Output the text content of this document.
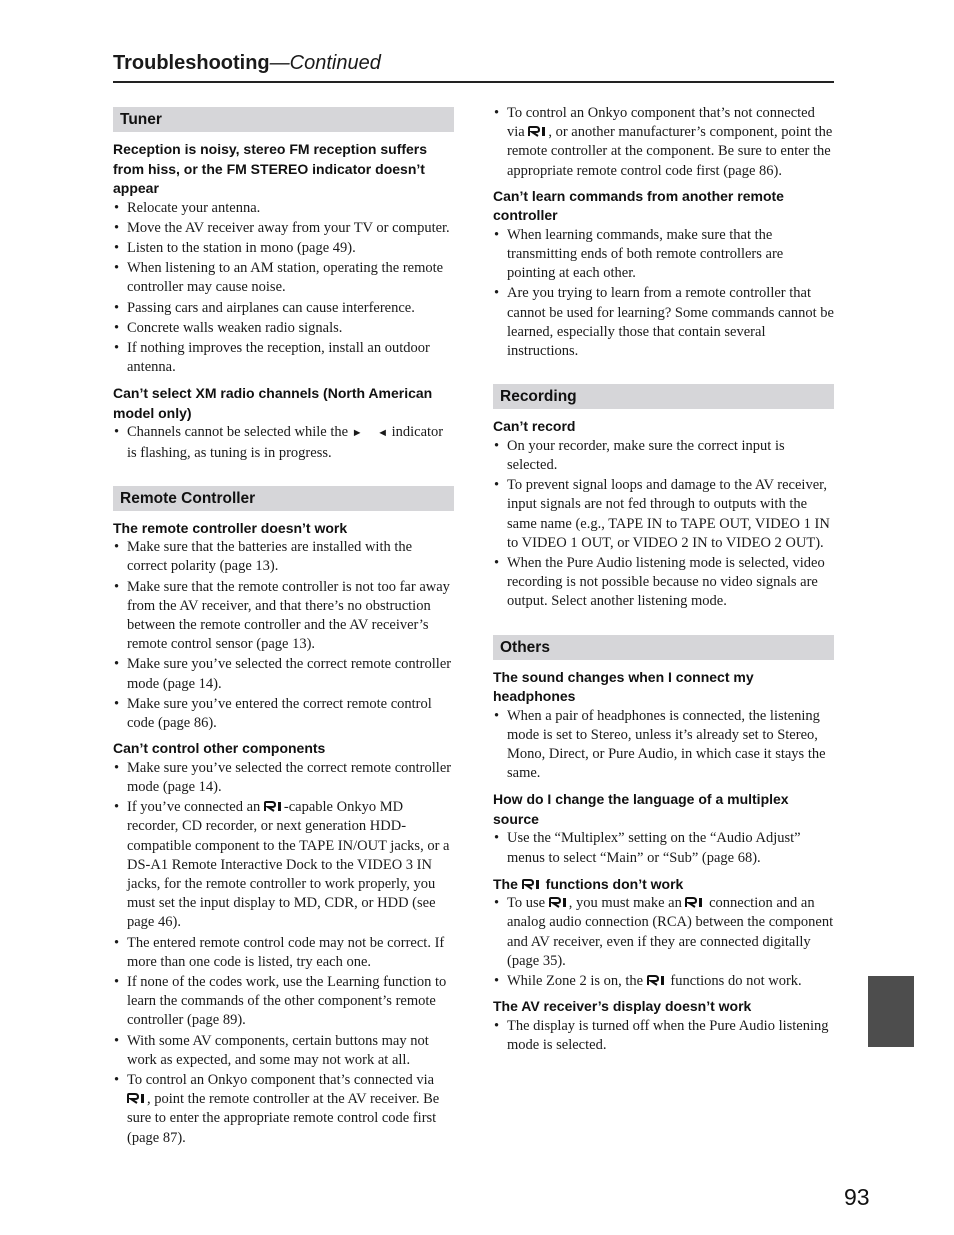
Troubleshooting—Continued
Tuner
Reception is noisy, stereo FM reception suffers from hiss, or the FM STEREO indicator doesn’t appear
• Relocate your antenna.
• Move the AV receiver away from your TV or computer.
• Listen to the station in mono (page 49).
• When listening to an AM station, operating the remote controller may cause noise.
• Passing cars and airplanes can cause interference.
• Concrete walls weaken radio signals.
• If nothing improves the reception, install an outdoor antenna.
Can’t select XM radio channels (North American model only)
• Channels cannot be selected while the ► ◄ indicator is flashing, as tuning is in progress.
Remote Controller
The remote controller doesn’t work
• Make sure that the batteries are installed with the correct polarity (page 13).
• Make sure that the remote controller is not too far away from the AV receiver, and that there’s no obstruction between the remote controller and the AV receiver’s remote control sensor (page 13).
• Make sure you’ve selected the correct remote controller mode (page 14).
• Make sure you’ve entered the correct remote control code (page 86).
Can’t control other components
• Make sure you’ve selected the correct remote controller mode (page 14).
• If you’ve connected an
-capable Onkyo MD recorder, CD recorder, or next generation HDD-compatible component to the TAPE IN/OUT jacks, or a DS-A1 Remote Interactive Dock to the VIDEO 3 IN jacks, for the remote controller to work properly, you must set the input display to MD, CDR, or HDD (see page 46).
• The entered remote control code may not be correct. If more than one code is listed, try each one.
• If none of the codes work, use the Learning function to learn the commands of the other component’s remote controller (page 89).
• With some AV components, certain buttons may not work as expected, and some may not work at all.
• To control an Onkyo component that’s connected via
, point the remote controller at the AV receiver. Be sure to enter the appropriate remote control code first (page 87).
• To control an Onkyo component that’s not connected via
, or another manufacturer’s component, point the remote controller at the component. Be sure to enter the appropriate remote control code first (page 86).
Can’t learn commands from another remote controller
• When learning commands, make sure that the transmitting ends of both remote controllers are pointing at each other.
• Are you trying to learn from a remote controller that cannot be used for learning? Some commands cannot be learned, especially those that contain several instructions.
Recording
Can’t record
• On your recorder, make sure the correct input is selected.
• To prevent signal loops and damage to the AV receiver, input signals are not fed through to outputs with the same name (e.g., TAPE IN to TAPE OUT, VIDEO 1 IN to VIDEO 1 OUT, or VIDEO 2 IN to VIDEO 2 OUT).
• When the Pure Audio listening mode is selected, video recording is not possible because no video signals are output. Select another listening mode.
Others
The sound changes when I connect my headphones
• When a pair of headphones is connected, the listening mode is set to Stereo, unless it’s already set to Stereo, Mono, Direct, or Pure Audio, in which case it stays the same.
How do I change the language of a multiplex source
• Use the “Multiplex” setting on the “Audio Adjust” menus to select “Main” or “Sub” (page 68).
The
functions don’t work
• To use
, you must make an
connection and an analog audio connection (RCA) between the component and AV receiver, even if they are connected digitally (page 35).
• While Zone 2 is on, the
functions do not work.
The AV receiver’s display doesn’t work
• The display is turned off when the Pure Audio listening mode is selected.
93
